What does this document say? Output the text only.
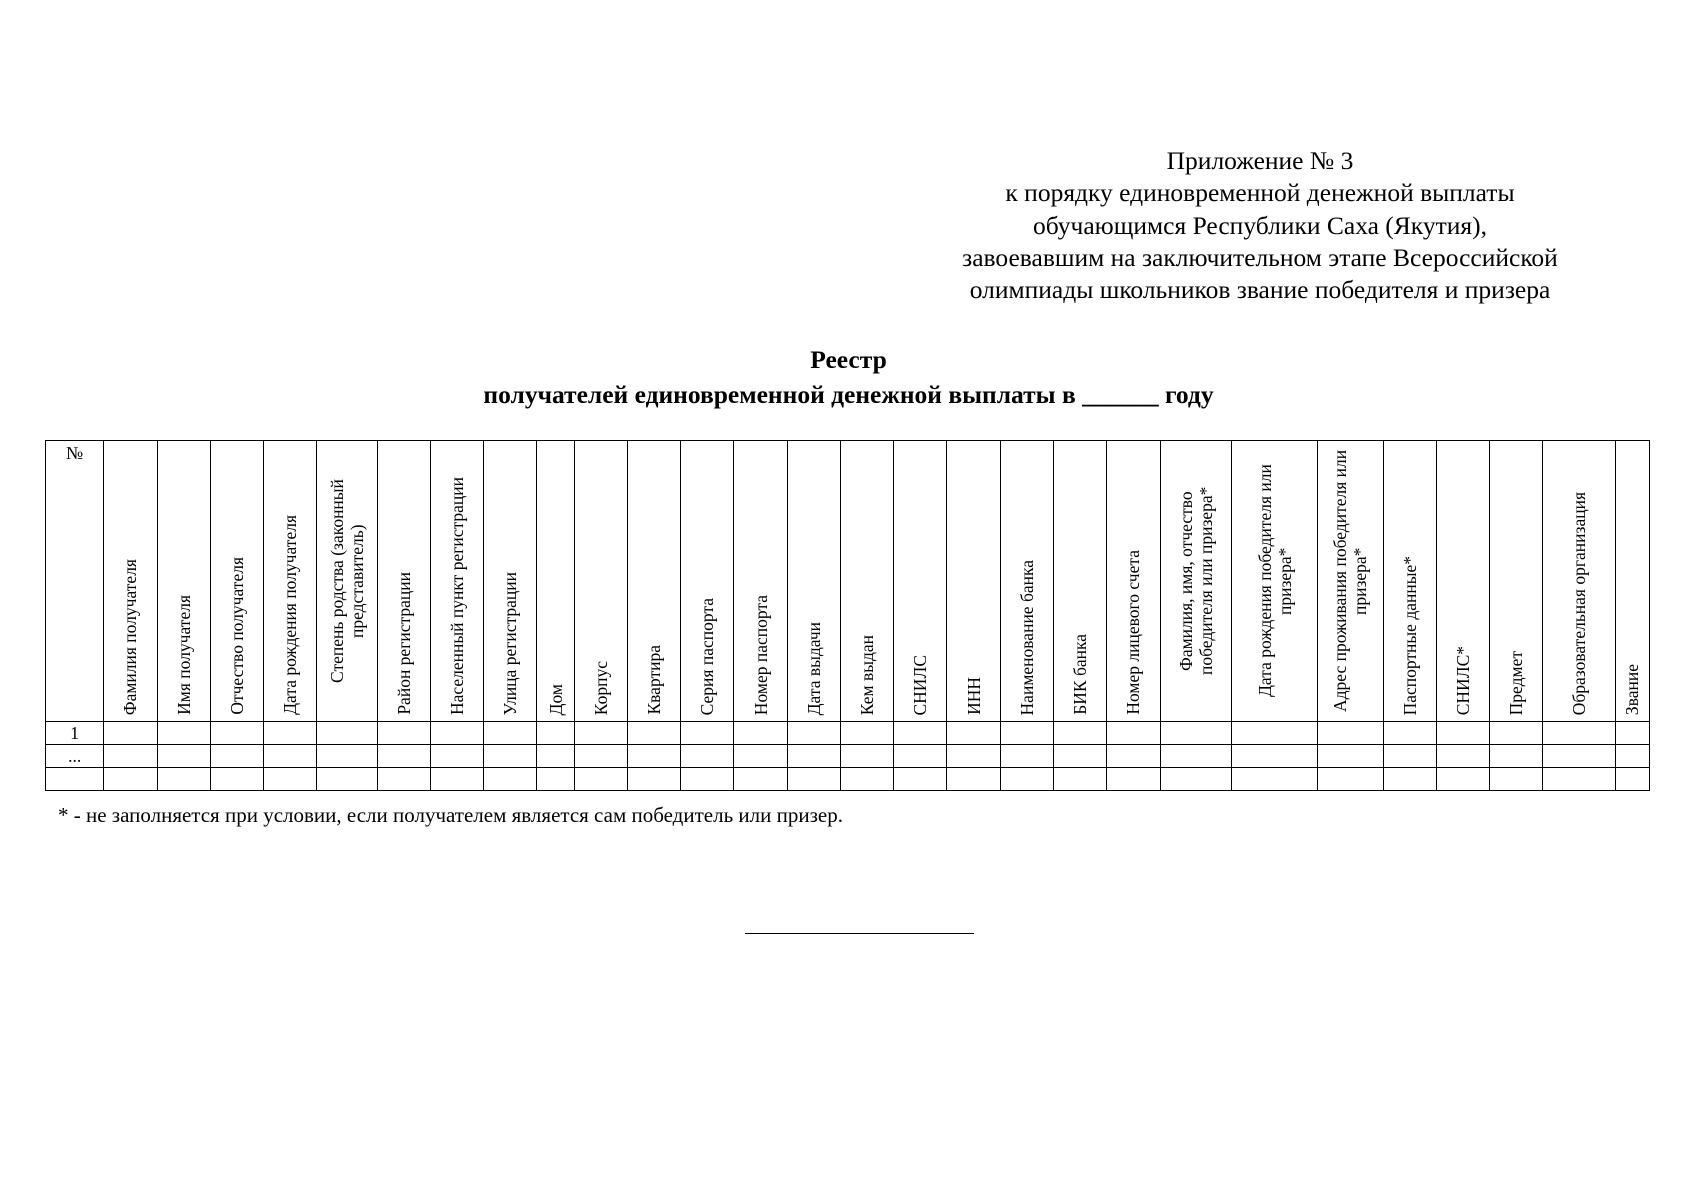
Приложение № 3
к порядку единовременной денежной выплаты
обучающимся Республики Саха (Якутия),
завоевавшим на заключительном этапе Всероссийской
олимпиады школьников звание победителя и призера
Реестр
получателей единовременной денежной выплаты в ______ году
№	Фамилия получателя	Имя получателя	Отчество получателя	Дата рождения получателя	Степень родства (законный представитель)	Район регистрации	Населенный пункт регистрации	Улица регистрации	Дом	Корпус	Квартира	Серия паспорта	Номер паспорта	Дата выдачи	Кем выдан	СНИЛС	ИНН	Наименование банка	БИК банка	Номер лицевого счета	Фамилия, имя, отчество победителя или призера*	Дата рождения победителя или призера*	Адрес проживания победителя или призера*	Паспортные данные*	СНИЛС*	Предмет	Образовательная организация	Звание

1																												
...																												

* - не заполняется при условии, если получателем является сам победитель или призер.
